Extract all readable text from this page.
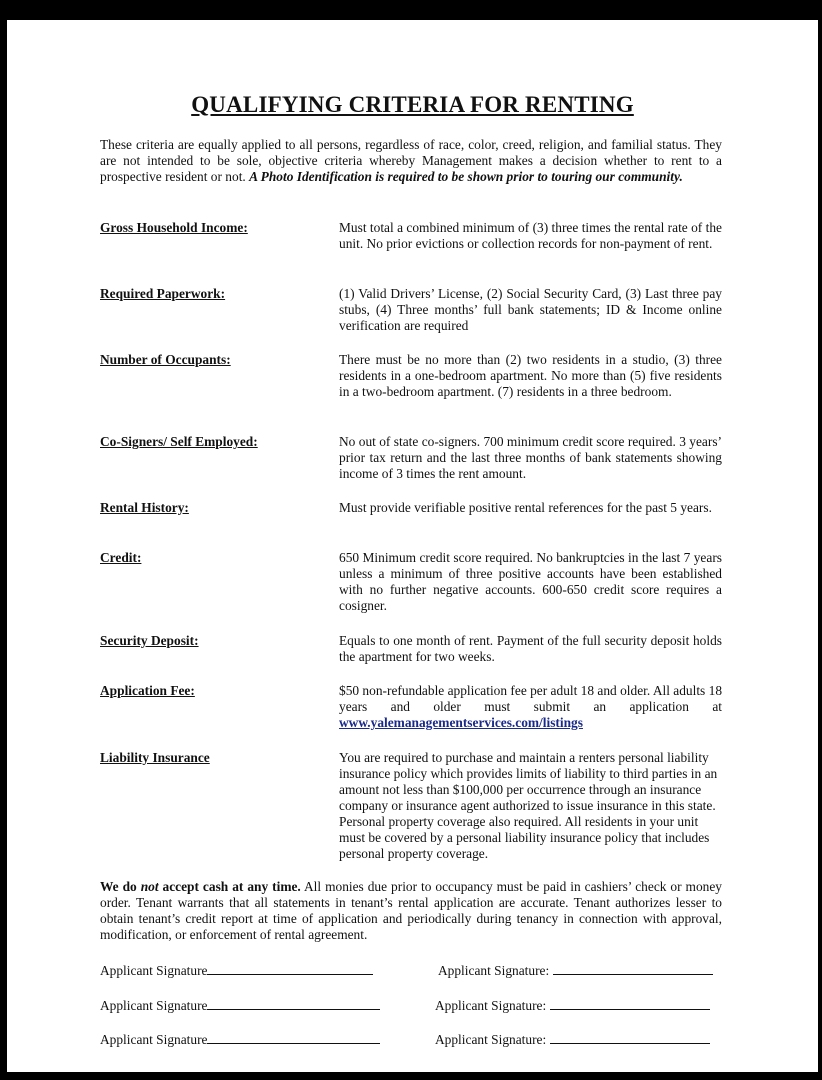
QUALIFYING CRITERIA FOR RENTING
These criteria are equally applied to all persons, regardless of race, color, creed, religion, and familial status. They are not intended to be sole, objective criteria whereby Management makes a decision whether to rent to a prospective resident or not. A Photo Identification is required to be shown prior to touring our community.
Gross Household Income:	Must total a combined minimum of (3) three times the rental rate of the unit. No prior evictions or collection records for non-payment of rent.
Required Paperwork:	(1) Valid Drivers’ License, (2) Social Security Card, (3) Last three pay stubs, (4) Three months’ full bank statements; ID & Income online verification are required
Number of Occupants:	There must be no more than (2) two residents in a studio, (3) three residents in a one-bedroom apartment. No more than (5) five residents in a two-bedroom apartment. (7) residents in a three bedroom.
Co-Signers/ Self Employed:	No out of state co-signers. 700 minimum credit score required. 3 years’ prior tax return and the last three months of bank statements showing income of 3 times the rent amount.
Rental History:	Must provide verifiable positive rental references for the past 5 years.
Credit:	650 Minimum credit score required. No bankruptcies in the last 7 years unless a minimum of three positive accounts have been established with no further negative accounts. 600-650 credit score requires a cosigner.
Security Deposit:	Equals to one month of rent. Payment of the full security deposit holds the apartment for two weeks.
Application Fee:	$50 non-refundable application fee per adult 18 and older. All adults 18 years and older must submit an application at www.yalemanagementservices.com/listings
Liability Insurance	You are required to purchase and maintain a renters personal liability insurance policy which provides limits of liability to third parties in an amount not less than $100,000 per occurrence through an insurance company or insurance agent authorized to issue insurance in this state. Personal property coverage also required. All residents in your unit must be covered by a personal liability insurance policy that includes personal property coverage.
We do not accept cash at any time. All monies due prior to occupancy must be paid in cashiers’ check or money order. Tenant warrants that all statements in tenant’s rental application are accurate. Tenant authorizes lesser to obtain tenant’s credit report at time of application and periodically during tenancy in connection with approval, modification, or enforcement of rental agreement.
Applicant Signature	Applicant Signature:
Applicant Signature	Applicant Signature:
Applicant Signature	Applicant Signature:
